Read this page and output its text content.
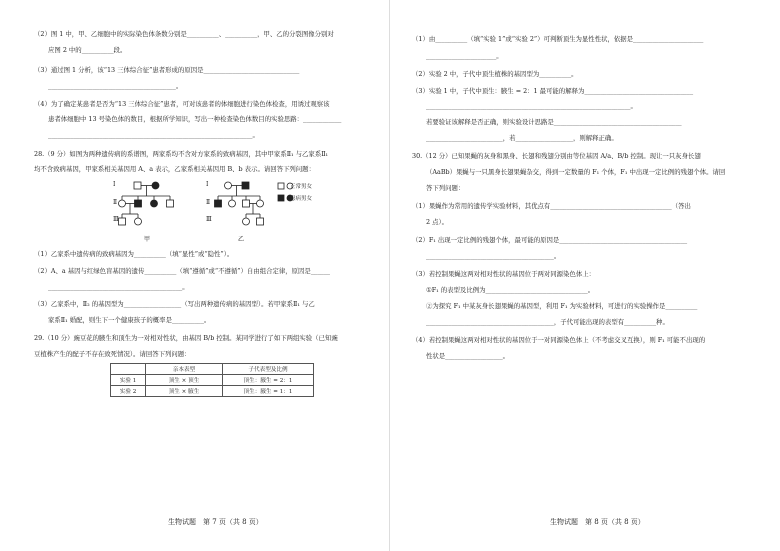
（2）图 1 中，甲、乙细胞中的实际染色体条数分别是__________、__________，甲、乙的分裂图像分别对
应图 2 中的__________段。
（3）通过图 1 分析，该“13 三体综合征”患者形成的原因是______________________________
________________________________________。
（4）为了确定某患者是否为“13 三体综合征”患者，可对该患者的体细胞进行染色体检查，用诱过观察该
患者体细胞中 13 号染色体的数目，根据所学知识，写出一种检查染色体数目的实验思路：____________
________________________________________________________________。
28.（9 分）如图为两种遗传病的系谱图，两家系均不含对方家系的致病基因，其中甲家系Ⅱ₁ 与乙家系Ⅱ₁
均不含致病基因，甲家系相关基因用 A、a 表示，乙家系相关基因用 B、b 表示。请回答下列问题：
Ⅰ
Ⅱ
Ⅲ
Ⅰ
Ⅱ
Ⅲ
正常男女
患病男女
甲	乙
（1）乙家系中遗传病的致病基因为__________（填“显性”或“隐性”）。
（2）A、a 基因与红绿色盲基因的遗传__________（填“遵循”或“不遵循”）自由组合定律，原因是______
__________________________________________。
（3）乙家系中，Ⅱ₂ 的基因型为__________________（写出两种遗传病的基因型）。若甲家系Ⅱ₁ 与乙
家系Ⅱ₁ 婚配，则生下一个健康孩子的概率是__________。
29.（10 分）豌豆花的腋生和顶生为一对相对性状，由基因 B/b 控制。某同学进行了如下两组实验（已知豌
豆植株产生的配子不存在致死情况）。请回答下列问题：
	亲本表型	子代表型及比例
实验 1	顶生 × 顶生	顶生：腋生 = 2：1
实验 2	顶生 × 腋生	顶生：腋生 = 1：1
生物试题　第 7 页（共 8 页）
（1）由__________（填“实验 1”或“实验 2”）可判断顶生为显性性状，依据是______________________
______________________。
（2）实验 2 中，子代中顶生植株的基因型为__________。
（3）实验 1 中，子代中顶生：腋生 = 2：1 最可能的解释为__________________________________
________________________________________________________________。
若要验证该解释是否正确，则实验设计思路是________________________________________
________________________，若__________________，则解释正确。
30.（12 分）已知果蝇的灰身和黑身、长翅和残翅分别由等位基因 A/a、B/b 控制。现让一只灰身长翅
（AaBb）果蝇与一只黑身长翅果蝇杂交，得到一定数量的 F₁ 个体，F₁ 中出现一定比例的残翅个体。请回
答下列问题：
（1）果蝇作为常用的遗传学实验材料，其优点有______________________________________（答出
2 点）。
（2）F₁ 出现一定比例的残翅个体，最可能的原因是________________________________________
________________________________________。
（3）若控制果蝇这两对相对性状的基因位于两对同源染色体上：
①F₁ 的表型及比例为________________________________。
②为探究 F₁ 中某灰身长翅果蝇的基因型，利用 F₁ 为实验材料，可进行的实验操作是__________
________________________________________，子代可能出现的表型有__________种。
（4）若控制果蝇这两对相对性状的基因位于一对同源染色体上（不考虑交叉互换），则 F₁ 可能不出现的
性状是__________________。
生物试题　第 8 页（共 8 页）
